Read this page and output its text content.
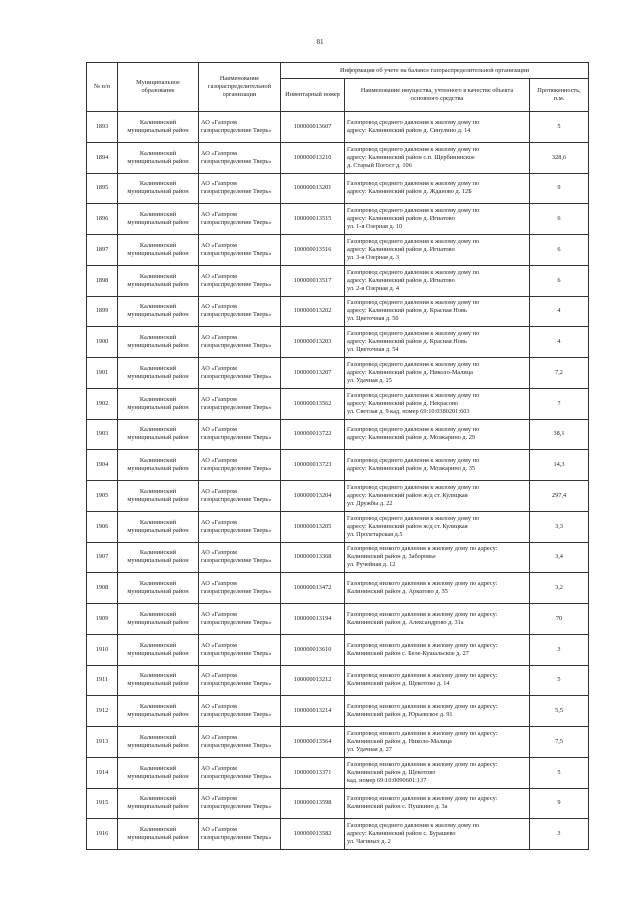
81
№ п/п	Муниципальное образование	Наименование газораспределительной организации	Информация об учете на балансе газораспределительной организации		
			Инвентарный номер	Наименование имущества, учтенного в качестве объекта основного средства	Протяженность, п.м.
1893	Калининский муниципальный район	АО «Газпром газораспределение Тверь»	100000013607	Газопровод среднего давления к жилому дому по
адресу: Калининский район д. Свнулино д. 14	5
1894	Калининский муниципальный район	АО «Газпром газораспределение Тверь»	100000013210	Газопровод среднего давления к жилому дому по
адресу: Калининский район с.п. Щербининское
д. Старый Погост д. 106	328,6
1895	Калининский муниципальный район	АО «Газпром газораспределение Тверь»	100000013201	Газопровод среднего давления к жилому дому по
адресу: Калининский район д. Жданово д. 12Б	9
1896	Калининский муниципальный район	АО «Газпром газораспределение Тверь»	100000013515	Газопровод среднего давления к жилому дому по
адресу: Калининский район д. Игнатово
ул. 1-я Озерная д. 10	6
1897	Калининский муниципальный район	АО «Газпром газораспределение Тверь»	100000013516	Газопровод среднего давления к жилому дому по
адресу: Калининский район д. Игнатово
ул. 3-я Озерная д. 3	6
1898	Калининский муниципальный район	АО «Газпром газораспределение Тверь»	100000013517	Газопровод среднего давления к жилому дому по
адресу: Калининский район д. Игнатово
ул. 2-я Озерная д. 4	6
1899	Калининский муниципальный район	АО «Газпром газораспределение Тверь»	100000013202	Газопровод среднего давления к жилому дому по
адресу: Калининский район д. Красная Новь
ул. Цветочная д. 50	4
1900	Калининский муниципальный район	АО «Газпром газораспределение Тверь»	100000013203	Газопровод среднего давления к жилому дому по
адресу: Калининский район д. Красная Новь
ул. Цветочная д. 54	4
1901	Калининский муниципальный район	АО «Газпром газораспределение Тверь»	100000013207	Газопровод среднего давления к жилому дому по
адресу: Калининский район д. Николо-Малица
ул. Удачная д. 25	7,2
1902	Калининский муниципальный район	АО «Газпром газораспределение Тверь»	100000013562	Газопровод среднего давления к жилому дому по
адресу: Калининский район д. Некрасово
ул. Светлая д. 9 кад. номер 69:10:0380201:603	7
1903	Калининский муниципальный район	АО «Газпром газораспределение Тверь»	100000013722	Газопровод среднего давления к жилому дому по
адресу: Калининский район д. Мозжарино д. 29	38,1
1904	Калининский муниципальный район	АО «Газпром газораспределение Тверь»	100000013723	Газопровод среднего давления к жилому дому по
адресу: Калининский район д. Мозжарино д. 35	14,3
1905	Калининский муниципальный район	АО «Газпром газораспределение Тверь»	100000013204	Газопровод среднего давления к жилому дому по
адресу: Калининский район ж/д ст. Кулицкая
ул. Дружбы д. 22	297,4
1906	Калининский муниципальный район	АО «Газпром газораспределение Тверь»	100000013205	Газопровод среднего давления к жилому дому по
адресу: Калининский район ж/д ст. Кулицкая
ул. Пролетарская д.5	3,3
1907	Калининский муниципальный район	АО «Газпром газораспределение Тверь»	100000013368	Газопровод низкого давления к жилому дому по адресу:
Калининский район д. Заборовье
ул. Ручейная д. 12	3,4
1908	Калининский муниципальный район	АО «Газпром газораспределение Тверь»	100000013472	Газопровод низкого давления к жилому дому по адресу:
Калининский район д. Аркатово д. 35	3,2
1909	Калининский муниципальный район	АО «Газпром газораспределение Тверь»	100000013194	Газопровод низкого давления к жилому дому по адресу:
Калининский район д. Александрово д. 31а	70
1910	Калининский муниципальный район	АО «Газпром газораспределение Тверь»	100000013610	Газопровод низкого давления к жилому дому по адресу:
Калининский район с. Беле-Кушальское д. 27	3
1911	Калининский муниципальный район	АО «Газпром газораспределение Тверь»	100000013212	Газопровод низкого давления к жилому дому по адресу:
Калининский район д. Щекотово д. 14	5
1912	Калининский муниципальный район	АО «Газпром газораспределение Тверь»	100000013214	Газопровод низкого давления к жилому дому по адресу:
Калининский район д. Юрьевское д. 91	5,5
1913	Калининский муниципальный район	АО «Газпром газораспределение Тверь»	100000013564	Газопровод низкого давления к жилому дому по адресу:
Калининский район д. Николо-Малица
ул. Удачная д. 27	7,5
1914	Калининский муниципальный район	АО «Газпром газораспределение Тверь»	100000013371	Газопровод низкого давления к жилому дому по адресу:
Калининский район д. Щекотово
кад. номер 69:10:0090601:137	5
1915	Калининский муниципальный район	АО «Газпром газораспределение Тверь»	100000013598	Газопровод низкого давления к жилому дому по адресу:
Калининский район с. Пушкино д. 3а	9
1916	Калининский муниципальный район	АО «Газпром газораспределение Тверь»	100000013582	Газопровод среднего давления к жилому дому по
адресу: Калининский район с. Бурашево
ул. Чагиных д. 2	3
